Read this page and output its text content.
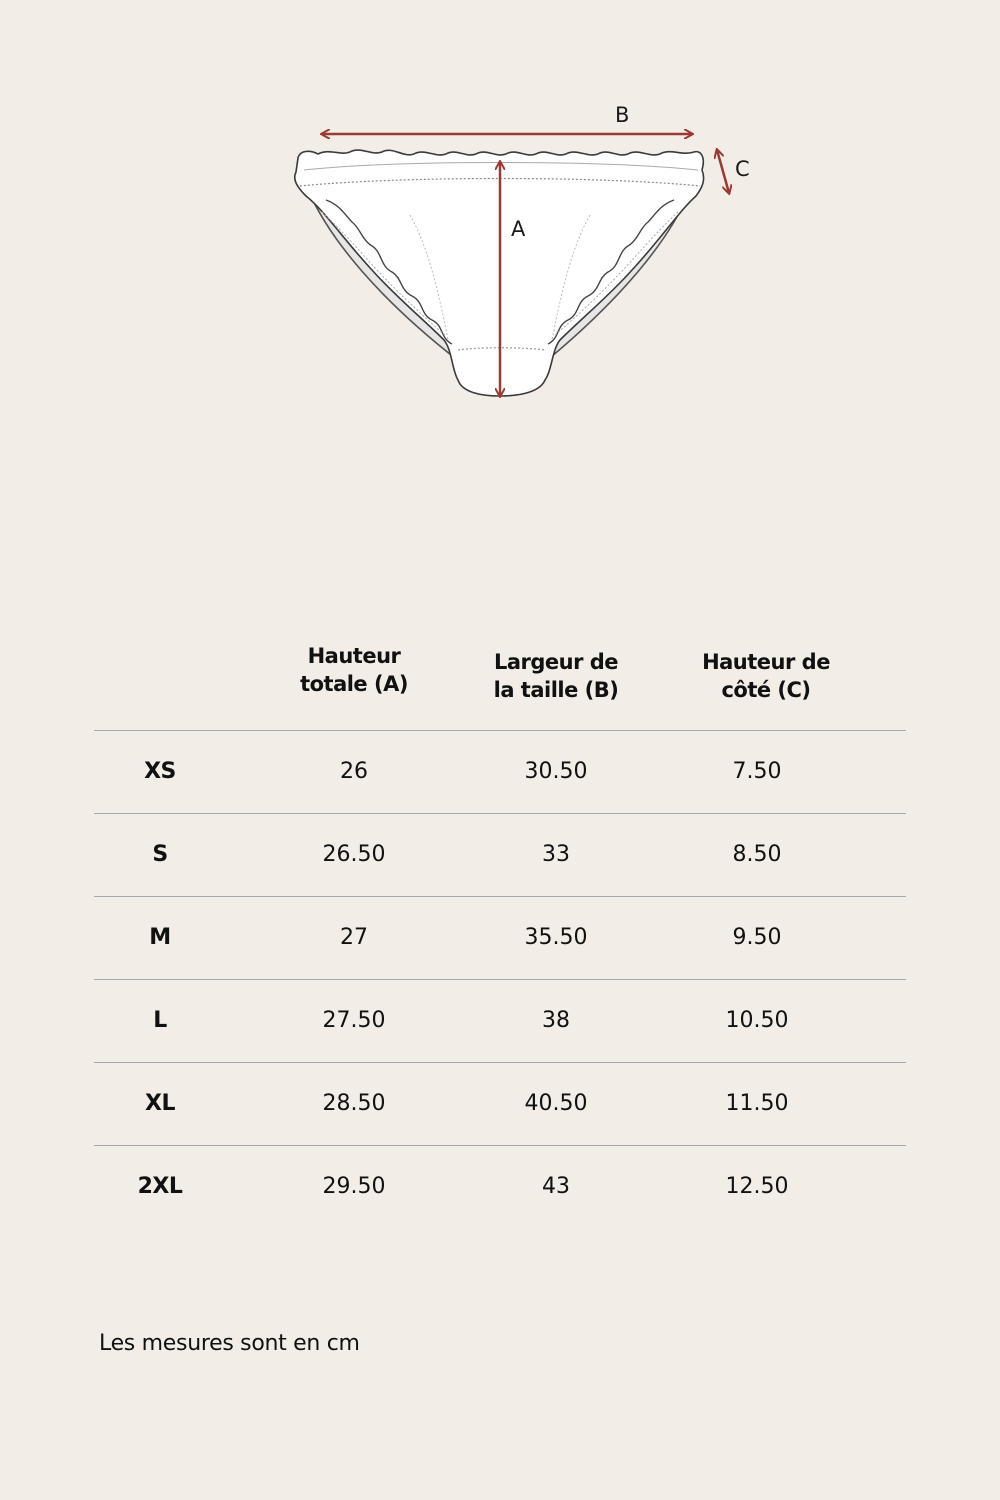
B
A
C
Hauteur
totale (A)
Largeur de
la taille (B)
Hauteur de
côté (C)
XS	26	30.50	7.50
S	26.50	33	8.50
M	27	35.50	9.50
L	27.50	38	10.50
XL	28.50	40.50	11.50
2XL	29.50	43	12.50
Les mesures sont en cm
